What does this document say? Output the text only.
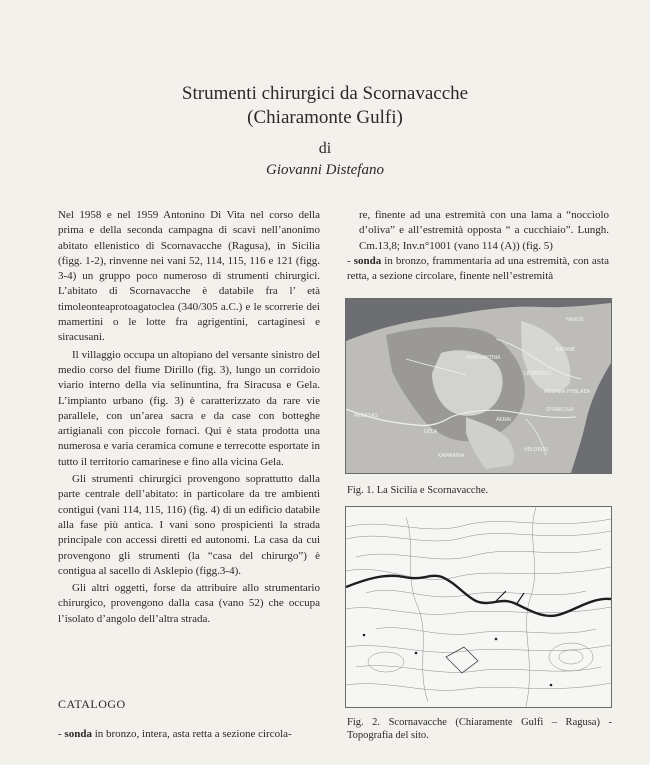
Strumenti chirurgici da Scornavacche
(Chiaramonte Gulfi)
di
Giovanni Distefano

Nel 1958 e nel 1959 Antonino Di Vita nel corso della prima e della seconda campagna di scavi nell’anonimo abitato ellenistico di Scornavacche (Ragusa), in Sicilia (figg. 1-2), rinvenne nei vani 52, 114, 115, 116 e 121 (figg. 3-4) un gruppo poco numeroso di strumenti chirurgici. L’abitato di Scornavacche è databile fra l’ età timoleonteaprotoagatoclea (340/305 a.C.) e le scorrerie dei mamertini o le lotte fra agrigentini, cartaginesi e siracusani.

Il villaggio occupa un altopiano del versante sinistro del medio corso del fiume Dirillo (fig. 3), lungo un corridoio viario interno della via selinuntina, fra Siracusa e Gela. L’impianto urbano (fig. 3) è caratterizzato da rare vie parallele, con un’area sacra e da case con botteghe artigianali con piccole fornaci. Qui è stata prodotta una numerosa e varia ceramica comune e terrecotte esportate in tutto il territorio camarinese e fino alla vicina Gela.

Gli strumenti chirurgici provengono soprattutto dalla parte centrale dell’abitato: in particolare da tre ambienti contigui (vani 114, 115, 116) (fig. 4) di un edificio databile alla fase più antica. I vani sono prospicienti la strada principale con accessi diretti ed autonomi. La casa da cui provengono gli strumenti (la “casa del chirurgo”) è contigua al sacello di Asklepio (figg.3-4).

Gli altri oggetti, forse da attribuire allo strumentario chirurgico, provengono dalla casa (vano 52) che occupa l’isolato d’angolo dell’altra strada.

CATALOGO
- sonda in bronzo, intera, asta retta a sezione circola-

re, finente ad una estremità con una lama a “nocciolo d’oliva” e all’estremità opposta “ a cucchiaio”. Lungh. Cm.13,8; Inv.n°1001 (vano 114 (A)) (fig. 5)

- sonda in bronzo, frammentaria ad una estremità, con asta retta, a sezione circolare, finente nell’estremità

AKRAGAS
GELA
KAMARINA
AKRAI
MEGARA HYBLAEA
SYRAKUSAI
HELOROS
LEONTINOI
MORGANTINA
KATANE
NAXOS
Fig. 1. La Sicilia e Scornavacche.
Fig. 2. Scornavacche (Chiaramente Gulfi – Ragusa) - Topografia del sito.
